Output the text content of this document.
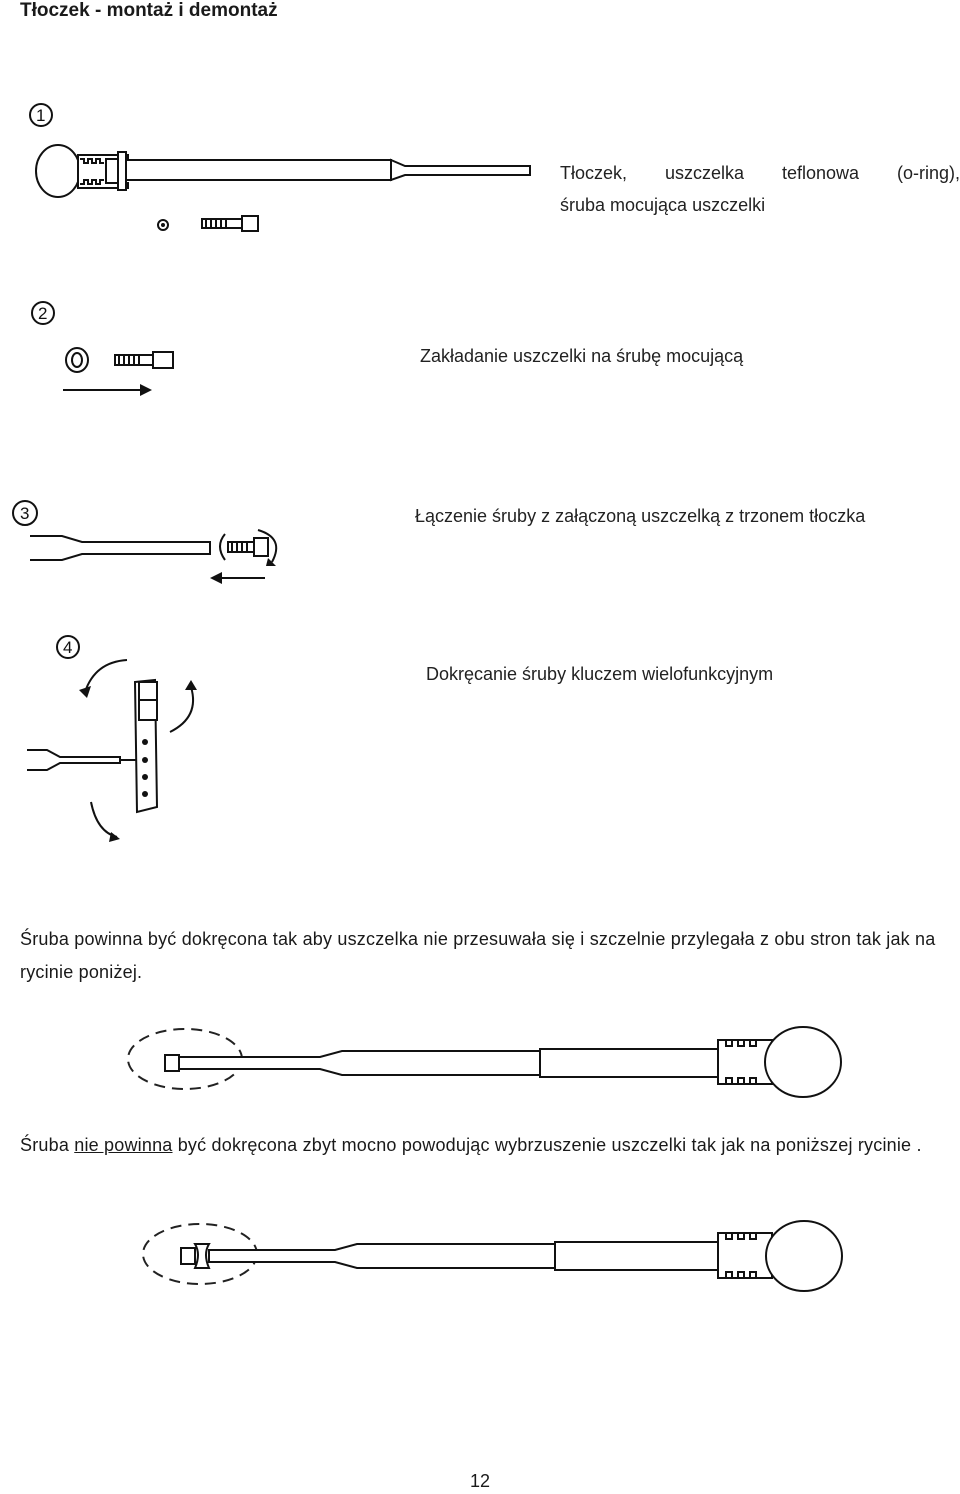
Tłoczek - montaż i demontaż
1
Tłoczek, uszczelka teflonowa (o-ring),
śruba mocująca uszczelki
2
Zakładanie uszczelki na śrubę mocującą
3	Łączenie śruby z załączoną uszczelką z trzonem tłoczka
4
Dokręcanie śruby kluczem wielofunkcyjnym
Śruba powinna być dokręcona tak aby uszczelka nie przesuwała się i szczelnie przylegała z obu stron tak jak na rycinie poniżej.
Śruba nie powinna być dokręcona zbyt mocno powodując wybrzuszenie uszczelki tak jak na poniższej rycinie .
12
